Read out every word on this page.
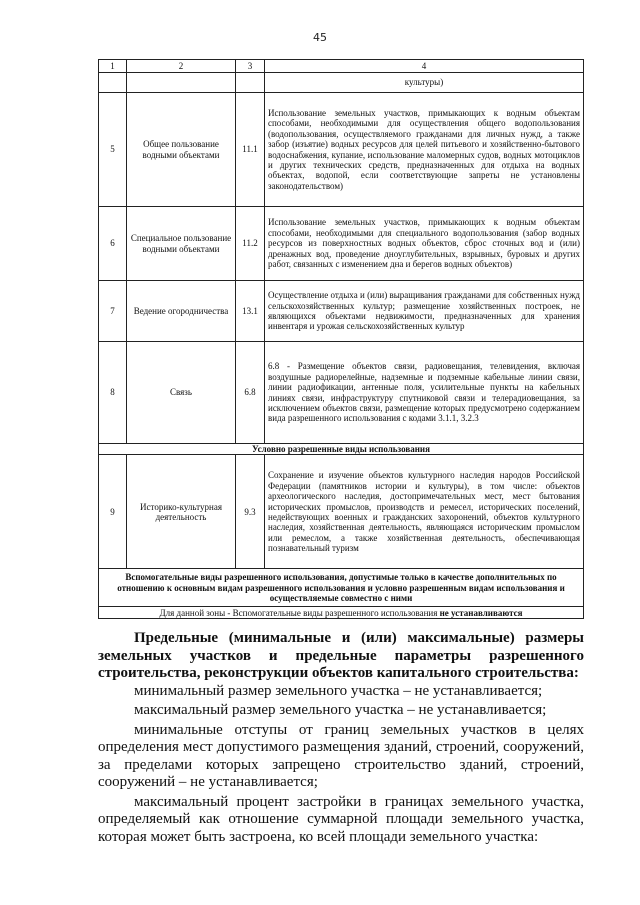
45
1	2	3	4
			культуры)
5	Общее пользование водными объектами	11.1	Использование земельных участков, примыкающих к водным объектам способами, необходимыми для осуществления общего водопользования (водопользования, осуществляемого гражданами для личных нужд, а также забор (изъятие) водных ресурсов для целей питьевого и хозяйственно-бытового водоснабжения, купание, использование маломерных судов, водных мотоциклов и других технических средств, предназначенных для отдыха на водных объектах, водопой, если соответствующие запреты не установлены законодательством)
6	Специальное пользование водными объектами	11.2	Использование земельных участков, примыкающих к водным объектам способами, необходимыми для специального водопользования (забор водных ресурсов из поверхностных водных объектов, сброс сточных вод и (или) дренажных вод, проведение дноуглубительных, взрывных, буровых и других работ, связанных с изменением дна и берегов водных объектов)
7	Ведение огородничества	13.1	Осуществление отдыха и (или) выращивания гражданами для собственных нужд сельскохозяйственных культур; размещение хозяйственных построек, не являющихся объектами недвижимости, предназначенных для хранения инвентаря и урожая сельскохозяйственных культур
8	Связь	6.8	6.8 - Размещение объектов связи, радиовещания, телевидения, включая воздушные радиорелейные, надземные и подземные кабельные линии связи, линии радиофикации, антенные поля, усилительные пункты на кабельных линиях связи, инфраструктуру спутниковой связи и телерадиовещания, за исключением объектов связи, размещение которых предусмотрено содержанием вида разрешенного использования с кодами 3.1.1, 3.2.3
Условно разрешенные виды использования			
9	Историко-культурная деятельность	9.3	Сохранение и изучение объектов культурного наследия народов Российской Федерации (памятников истории и культуры), в том числе: объектов археологического наследия, достопримечательных мест, мест бытования исторических промыслов, производств и ремесел, исторических поселений, недействующих военных и гражданских захоронений, объектов культурного наследия, хозяйственная деятельность, являющаяся историческим промыслом или ремеслом, а также хозяйственная деятельность, обеспечивающая познавательный туризм
Вспомогательные виды разрешенного использования, допустимые только в качестве дополнительных по отношению к основным видам разрешенного использования и условно разрешенным видам использования и осуществляемые совместно с ними			
Для данной зоны - Вспомогательные виды разрешенного использования не устанавливаются			

Предельные (минимальные и (или) максимальные) размеры земельных участков и предельные параметры разрешенного строительства, реконструкции объектов капитального строительства:

минимальный размер земельного участка – не устанавливается;

максимальный размер земельного участка – не устанавливается;

минимальные отступы от границ земельных участков в целях определения мест допустимого размещения зданий, строений, сооружений, за пределами которых запрещено строительство зданий, строений, сооружений – не устанавливается;

максимальный процент застройки в границах земельного участка, определяемый как отношение суммарной площади земельного участка, которая может быть застроена, ко всей площади земельного участка:
